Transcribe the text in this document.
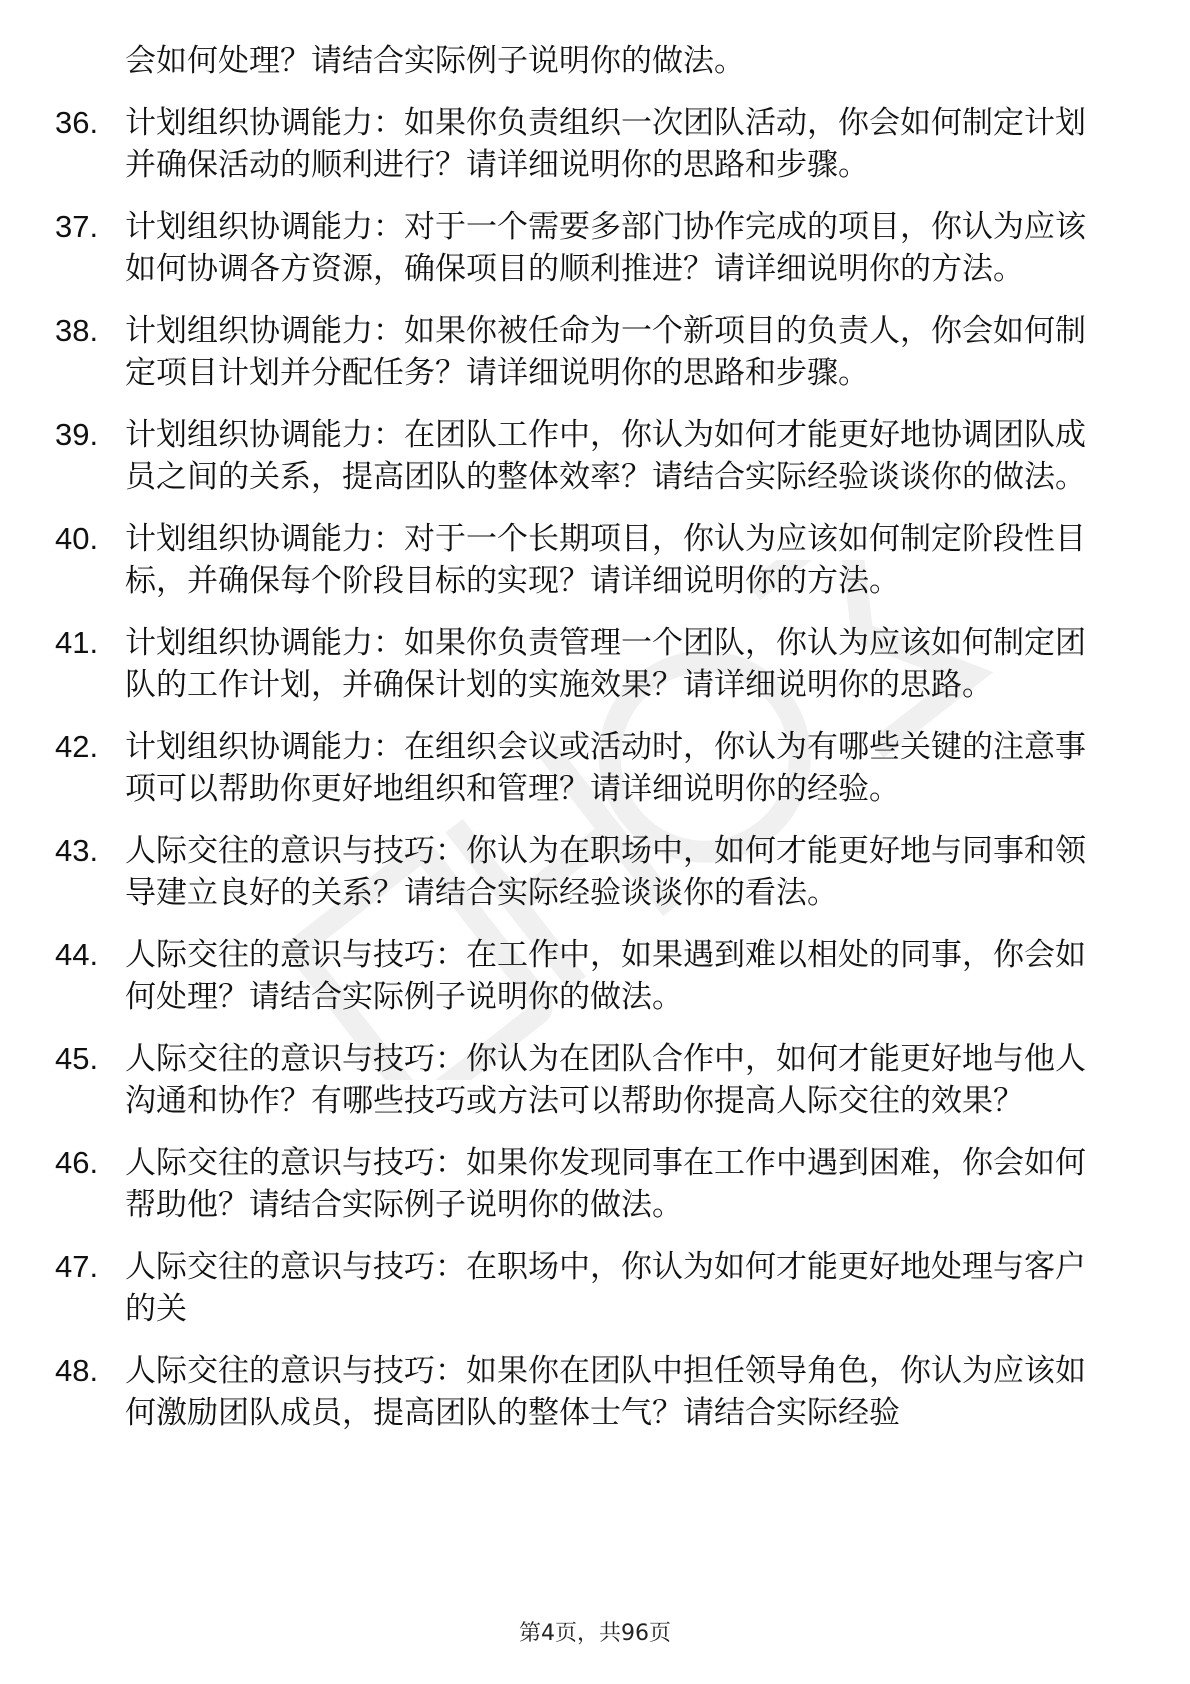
会如何处理？请结合实际例子说明你的做法。

36. 计划组织协调能力：如果你负责组织一次团队活动，你会如何制定计划并确保活动的顺利进行？请详细说明你的思路和步骤。
37. 计划组织协调能力：对于一个需要多部门协作完成的项目，你认为应该如何协调各方资源，确保项目的顺利推进？请详细说明你的方法。
38. 计划组织协调能力：如果你被任命为一个新项目的负责人，你会如何制定项目计划并分配任务？请详细说明你的思路和步骤。
39. 计划组织协调能力：在团队工作中，你认为如何才能更好地协调团队成员之间的关系，提高团队的整体效率？请结合实际经验谈谈你的做法。
40. 计划组织协调能力：对于一个长期项目，你认为应该如何制定阶段性目标，并确保每个阶段目标的实现？请详细说明你的方法。
41. 计划组织协调能力：如果你负责管理一个团队，你认为应该如何制定团队的工作计划，并确保计划的实施效果？请详细说明你的思路。
42. 计划组织协调能力：在组织会议或活动时，你认为有哪些关键的注意事项可以帮助你更好地组织和管理？请详细说明你的经验。
43. 人际交往的意识与技巧：你认为在职场中，如何才能更好地与同事和领导建立良好的关系？请结合实际经验谈谈你的看法。
44. 人际交往的意识与技巧：在工作中，如果遇到难以相处的同事，你会如何处理？请结合实际例子说明你的做法。
45. 人际交往的意识与技巧：你认为在团队合作中，如何才能更好地与他人沟通和协作？有哪些技巧或方法可以帮助你提高人际交往的效果？
46. 人际交往的意识与技巧：如果你发现同事在工作中遇到困难，你会如何帮助他？请结合实际例子说明你的做法。
47. 人际交往的意识与技巧：在职场中，你认为如何才能更好地处理与客户的关
48. 人际交往的意识与技巧：如果你在团队中担任领导角色，你认为应该如何激励团队成员，提高团队的整体士气？请结合实际经验
第4页，共96页
